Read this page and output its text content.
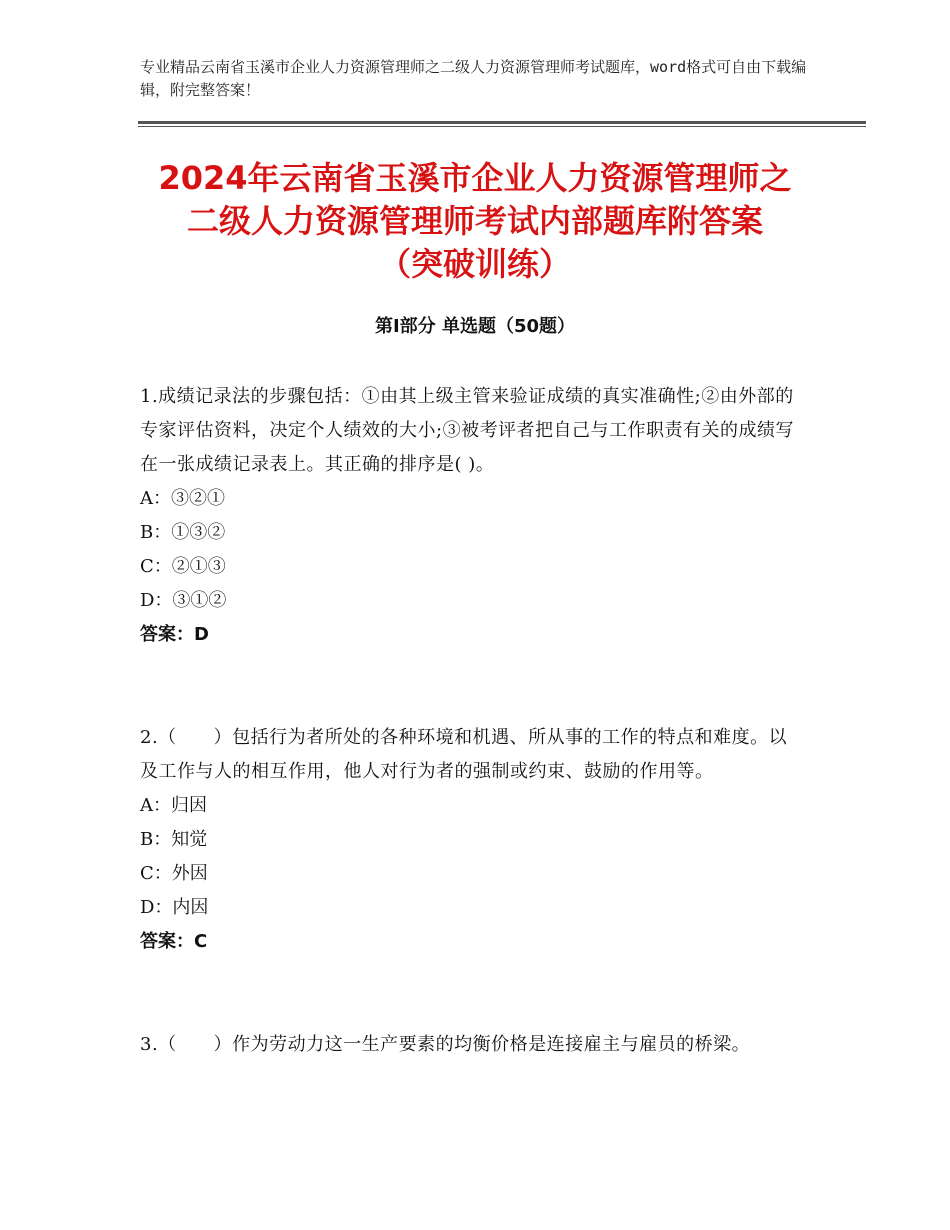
专业精品云南省玉溪市企业人力资源管理师之二级人力资源管理师考试题库，word格式可自由下载编辑，附完整答案！
2024年云南省玉溪市企业人力资源管理师之
二级人力资源管理师考试内部题库附答案
（突破训练）
第Ⅰ部分 单选题（50题）
1.成绩记录法的步骤包括：①由其上级主管来验证成绩的真实准确性;②由外部的专家评估资料，决定个人绩效的大小;③被考评者把自己与工作职责有关的成绩写在一张成绩记录表上。其正确的排序是( )。
A：③②①
B：①③②
C：②①③
D：③①②
答案：D
2.（　　）包括行为者所处的各种环境和机遇、所从事的工作的特点和难度。以及工作与人的相互作用，他人对行为者的强制或约束、鼓励的作用等。
A：归因
B：知觉
C：外因
D：内因
答案：C
3.（　　）作为劳动力这一生产要素的均衡价格是连接雇主与雇员的桥梁。
